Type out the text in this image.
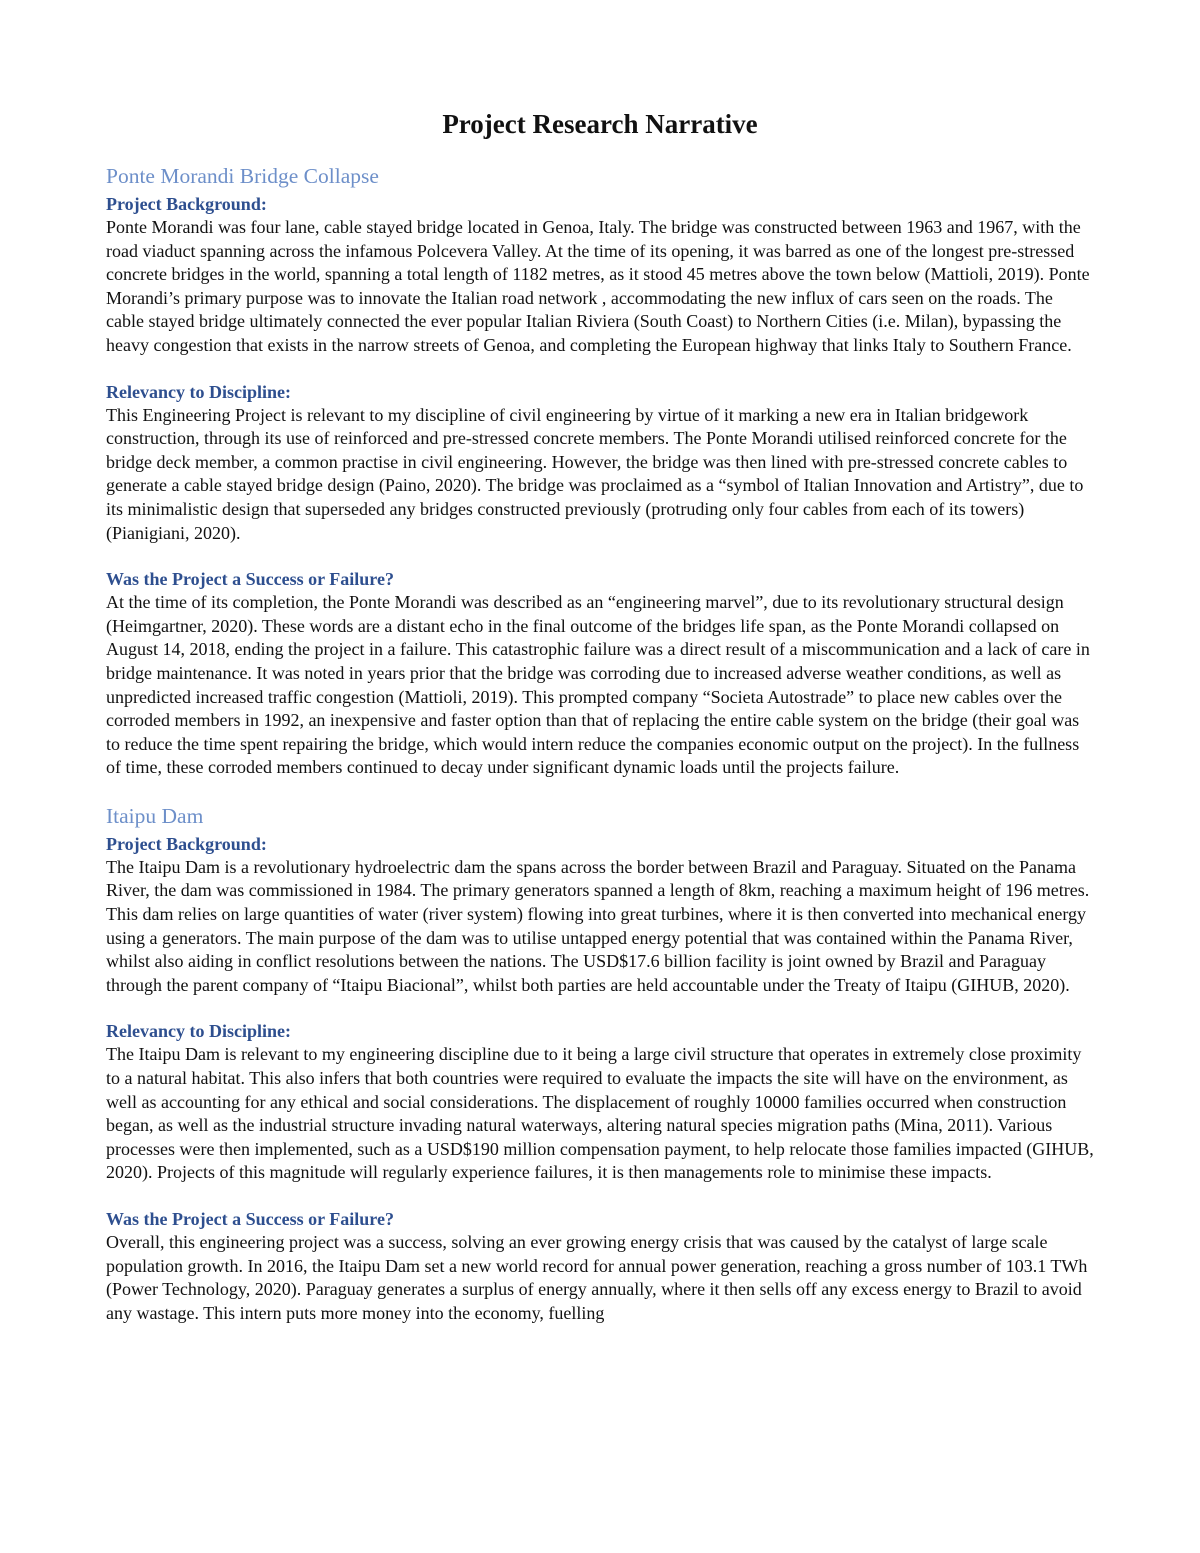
Project Research Narrative
Ponte Morandi Bridge Collapse
Project Background:

Ponte Morandi was four lane, cable stayed bridge located in Genoa, Italy. The bridge was constructed between 1963 and 1967, with the road viaduct spanning across the infamous Polcevera Valley. At the time of its opening, it was barred as one of the longest pre-stressed concrete bridges in the world, spanning a total length of 1182 metres, as it stood 45 metres above the town below (Mattioli, 2019). Ponte Morandi’s primary purpose was to innovate the Italian road network , accommodating the new influx of cars seen on the roads. The cable stayed bridge ultimately connected the ever popular Italian Riviera (South Coast) to Northern Cities (i.e. Milan), bypassing the heavy congestion that exists in the narrow streets of Genoa, and completing the European highway that links Italy to Southern France.

Relevancy to Discipline:

This Engineering Project is relevant to my discipline of civil engineering by virtue of it marking a new era in Italian bridgework construction, through its use of reinforced and pre-stressed concrete members. The Ponte Morandi utilised reinforced concrete for the bridge deck member, a common practise in civil engineering. However, the bridge was then lined with pre-stressed concrete cables to generate a cable stayed bridge design (Paino, 2020). The bridge was proclaimed as a “symbol of Italian Innovation and Artistry”, due to its minimalistic design that superseded any bridges constructed previously (protruding only four cables from each of its towers) (Pianigiani, 2020).

Was the Project a Success or Failure?

At the time of its completion, the Ponte Morandi was described as an “engineering marvel”, due to its revolutionary structural design (Heimgartner, 2020). These words are a distant echo in the final outcome of the bridges life span, as the Ponte Morandi collapsed on August 14, 2018, ending the project in a failure. This catastrophic failure was a direct result of a miscommunication and a lack of care in bridge maintenance. It was noted in years prior that the bridge was corroding due to increased adverse weather conditions, as well as unpredicted increased traffic congestion (Mattioli, 2019). This prompted company “Societa Autostrade” to place new cables over the corroded members in 1992, an inexpensive and faster option than that of replacing the entire cable system on the bridge (their goal was to reduce the time spent repairing the bridge, which would intern reduce the companies economic output on the project). In the fullness of time, these corroded members continued to decay under significant dynamic loads until the projects failure.

Itaipu Dam
Project Background:

The Itaipu Dam is a revolutionary hydroelectric dam the spans across the border between Brazil and Paraguay. Situated on the Panama River, the dam was commissioned in 1984. The primary generators spanned a length of 8km, reaching a maximum height of 196 metres. This dam relies on large quantities of water (river system) flowing into great turbines, where it is then converted into mechanical energy using a generators. The main purpose of the dam was to utilise untapped energy potential that was contained within the Panama River, whilst also aiding in conflict resolutions between the nations. The USD$17.6 billion facility is joint owned by Brazil and Paraguay through the parent company of “Itaipu Biacional”, whilst both parties are held accountable under the Treaty of Itaipu (GIHUB, 2020).

Relevancy to Discipline:

The Itaipu Dam is relevant to my engineering discipline due to it being a large civil structure that operates in extremely close proximity to a natural habitat. This also infers that both countries were required to evaluate the impacts the site will have on the environment, as well as accounting for any ethical and social considerations. The displacement of roughly 10000 families occurred when construction began, as well as the industrial structure invading natural waterways, altering natural species migration paths (Mina, 2011). Various processes were then implemented, such as a USD$190 million compensation payment, to help relocate those families impacted (GIHUB, 2020). Projects of this magnitude will regularly experience failures, it is then managements role to minimise these impacts.

Was the Project a Success or Failure?

Overall, this engineering project was a success, solving an ever growing energy crisis that was caused by the catalyst of large scale population growth. In 2016, the Itaipu Dam set a new world record for annual power generation, reaching a gross number of 103.1 TWh (Power Technology, 2020). Paraguay generates a surplus of energy annually, where it then sells off any excess energy to Brazil to avoid any wastage. This intern puts more money into the economy, fuelling
